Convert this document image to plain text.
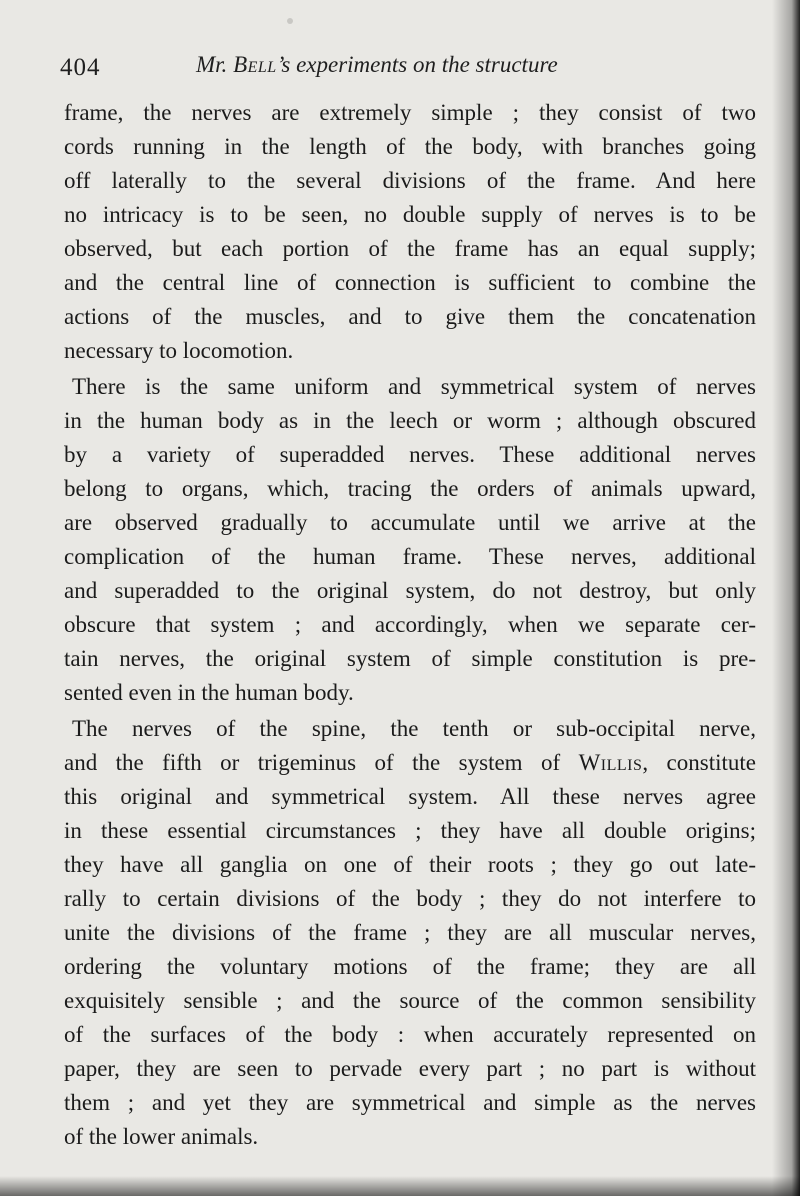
404	Mr. Bell’s experiments on the structure
frame, the nerves are extremely simple ; they consist of two
cords running in the length of the body, with branches going
off laterally to the several divisions of the frame. And here
no intricacy is to be seen, no double supply of nerves is to be
observed, but each portion of the frame has an equal supply;
and the central line of connection is sufficient to combine the
actions of the muscles, and to give them the concatenation
necessary to locomotion.
There is the same uniform and symmetrical system of nerves
in the human body as in the leech or worm ; although obscured
by a variety of superadded nerves. These additional nerves
belong to organs, which, tracing the orders of animals upward,
are observed gradually to accumulate until we arrive at the
complication of the human frame. These nerves, additional
and superadded to the original system, do not destroy, but only
obscure that system ; and accordingly, when we separate cer-
tain nerves, the original system of simple constitution is pre-
sented even in the human body.
The nerves of the spine, the tenth or sub-occipital nerve,
and the fifth or trigeminus of the system of Willis, constitute
this original and symmetrical system. All these nerves agree
in these essential circumstances ; they have all double origins;
they have all ganglia on one of their roots ; they go out late-
rally to certain divisions of the body ; they do not interfere to
unite the divisions of the frame ; they are all muscular nerves,
ordering the voluntary motions of the frame; they are all
exquisitely sensible ; and the source of the common sensibility
of the surfaces of the body : when accurately represented on
paper, they are seen to pervade every part ; no part is without
them ; and yet they are symmetrical and simple as the nerves
of the lower animals.
